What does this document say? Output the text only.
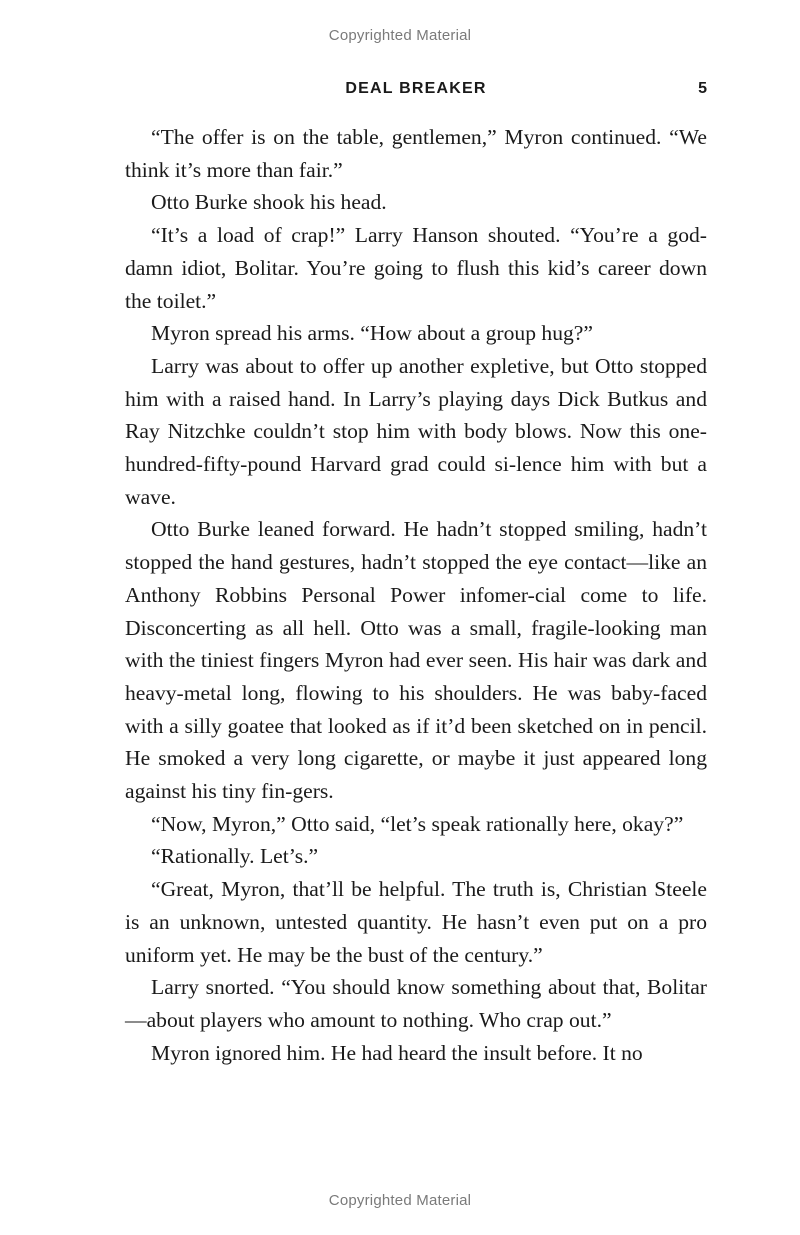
Copyrighted Material
DEAL BREAKER	5

“The offer is on the table, gentlemen,” Myron continued. “We think it’s more than fair.”

Otto Burke shook his head.

“It’s a load of crap!” Larry Hanson shouted. “You’re a god-damn idiot, Bolitar. You’re going to flush this kid’s career down the toilet.”

Myron spread his arms. “How about a group hug?”

Larry was about to offer up another expletive, but Otto stopped him with a raised hand. In Larry’s playing days Dick Butkus and Ray Nitzchke couldn’t stop him with body blows. Now this one-hundred-fifty-pound Harvard grad could si-lence him with but a wave.

Otto Burke leaned forward. He hadn’t stopped smiling, hadn’t stopped the hand gestures, hadn’t stopped the eye contact—like an Anthony Robbins Personal Power infomer-cial come to life. Disconcerting as all hell. Otto was a small, fragile-looking man with the tiniest fingers Myron had ever seen. His hair was dark and heavy-metal long, flowing to his shoulders. He was baby-faced with a silly goatee that looked as if it’d been sketched on in pencil. He smoked a very long cigarette, or maybe it just appeared long against his tiny fin-gers.

“Now, Myron,” Otto said, “let’s speak rationally here, okay?”

“Rationally. Let’s.”

“Great, Myron, that’ll be helpful. The truth is, Christian Steele is an unknown, untested quantity. He hasn’t even put on a pro uniform yet. He may be the bust of the century.”

Larry snorted. “You should know something about that, Bolitar—about players who amount to nothing. Who crap out.”

Myron ignored him. He had heard the insult before. It no

Copyrighted Material
